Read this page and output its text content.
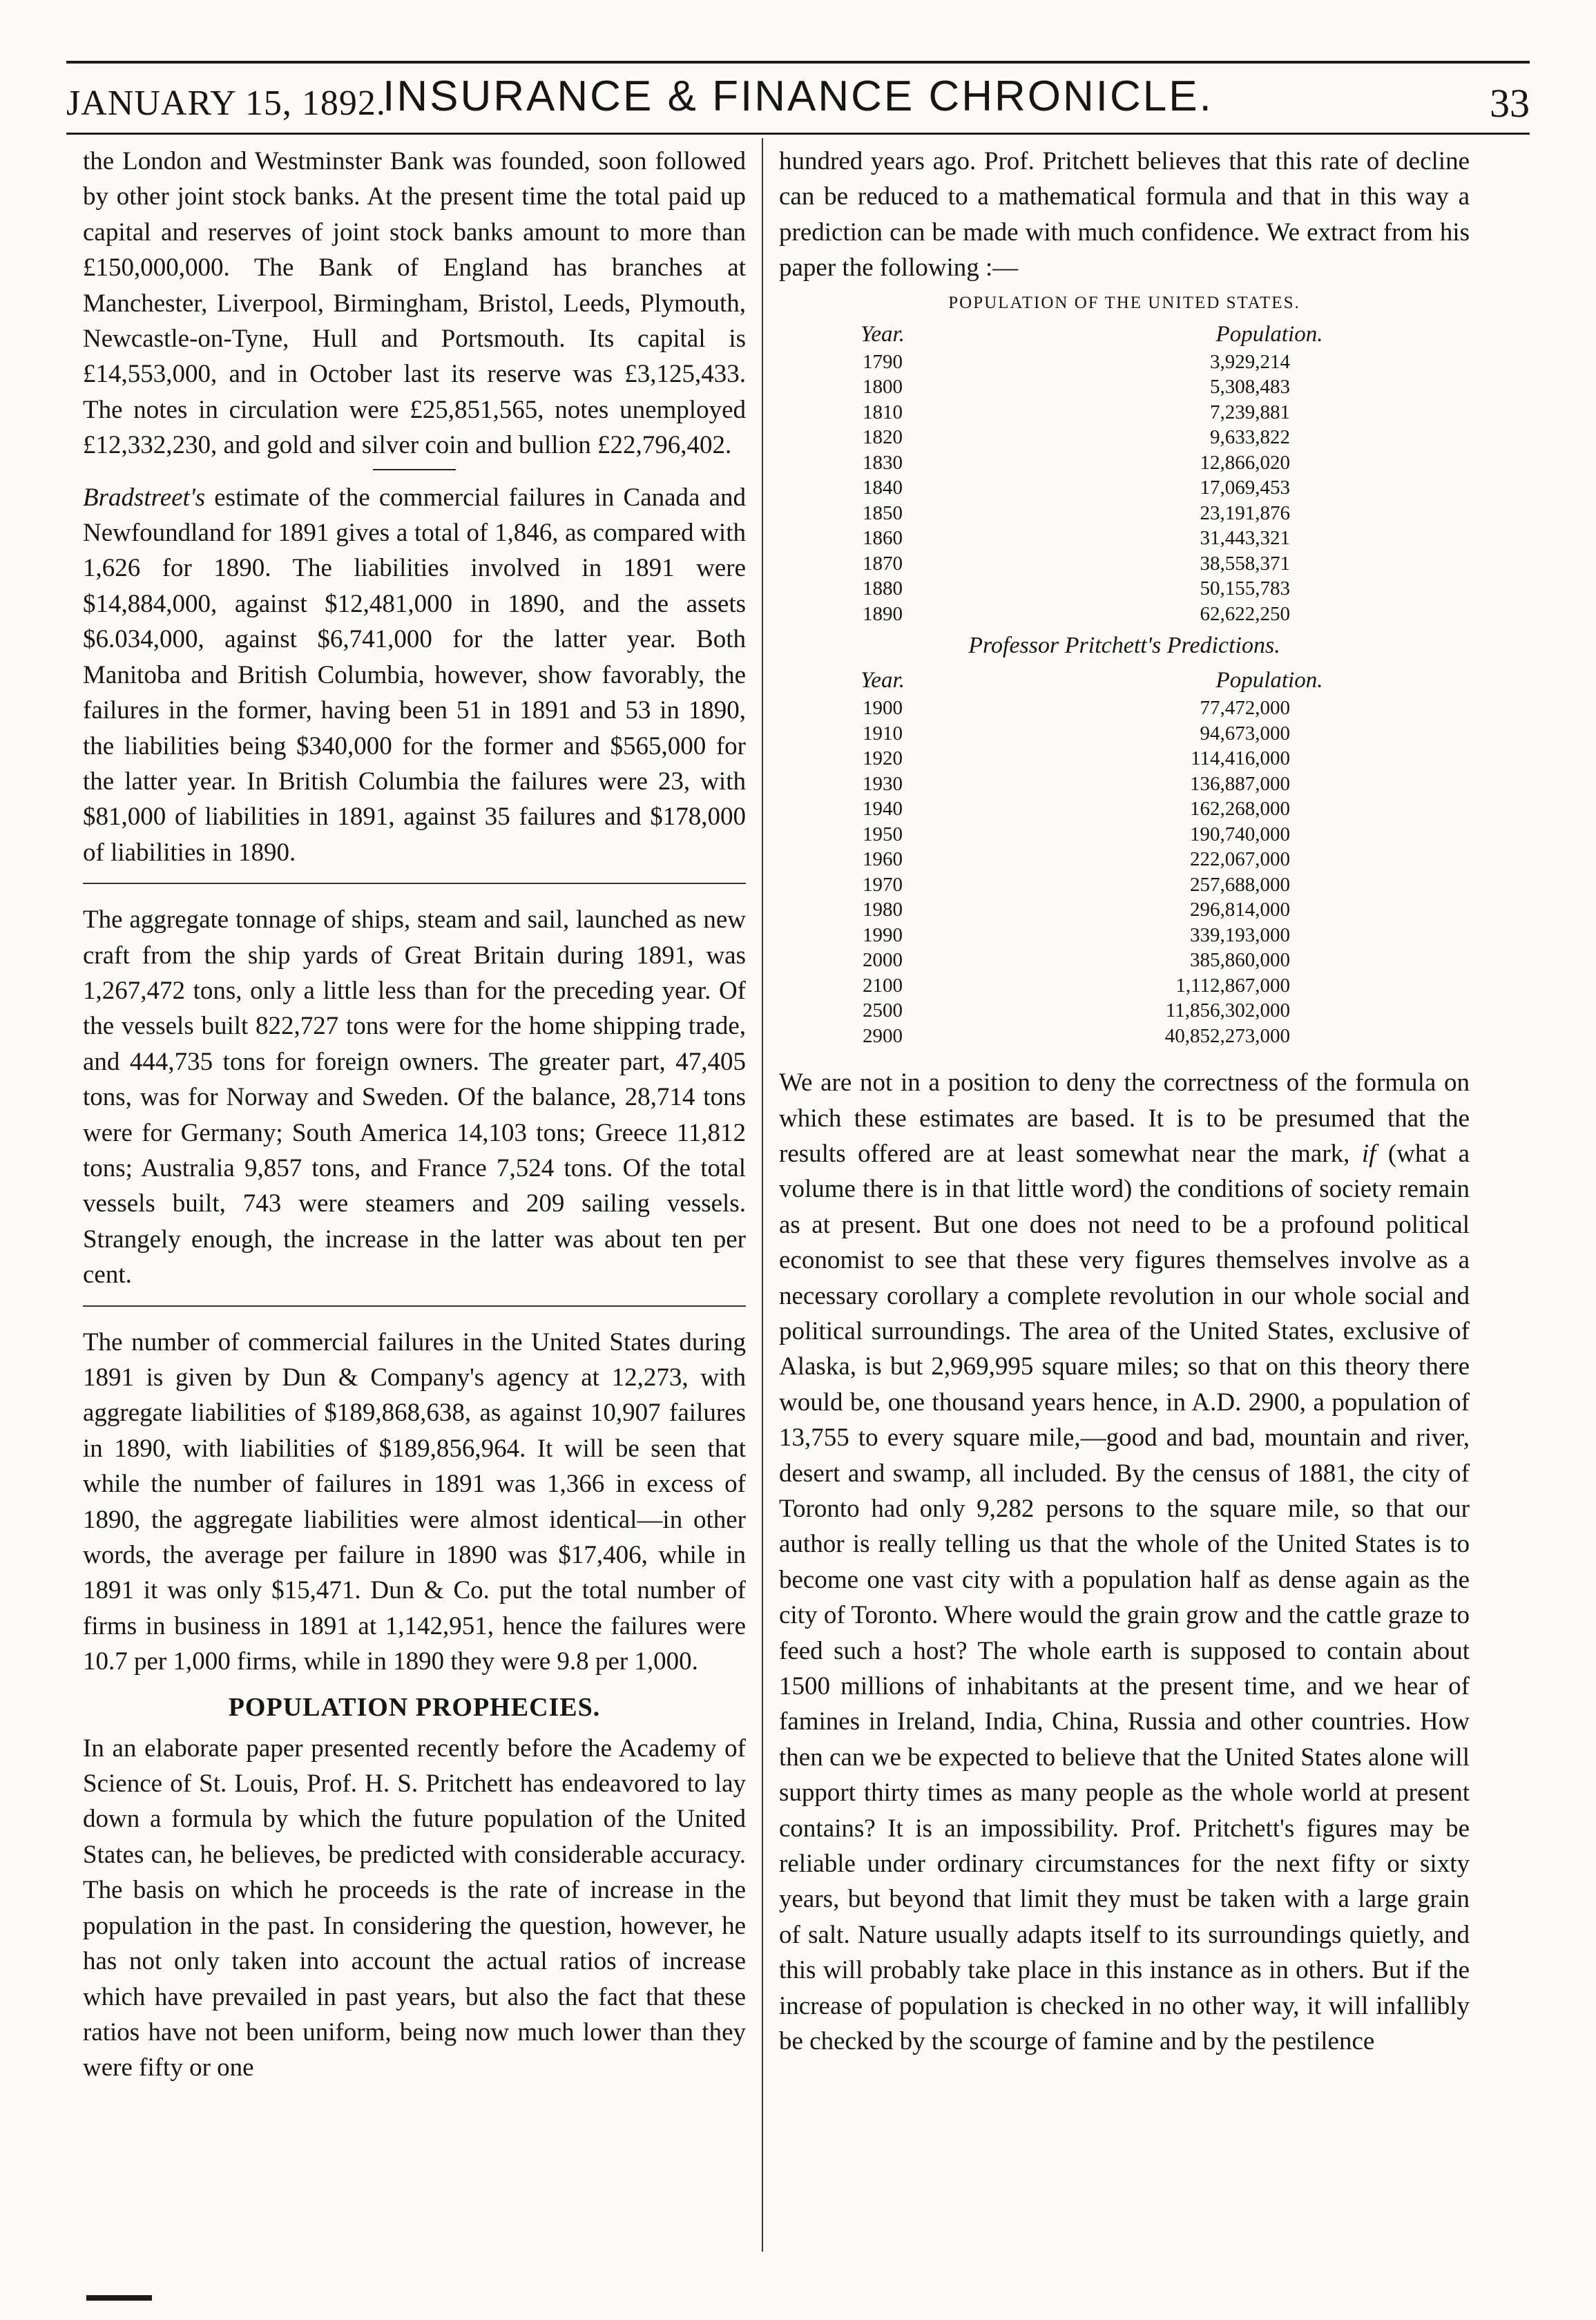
JANUARY 15, 1892.
INSURANCE & FINANCE CHRONICLE.	33

the London and Westminster Bank was founded, soon followed by other joint stock banks. At the present time the total paid up capital and reserves of joint stock banks amount to more than £150,000,000. The Bank of England has branches at Manchester, Liverpool, Birmingham, Bristol, Leeds, Plymouth, Newcastle-on-Tyne, Hull and Portsmouth. Its capital is £14,553,000, and in October last its reserve was £3,125,433. The notes in circulation were £25,851,565, notes unemployed £12,332,230, and gold and silver coin and bullion £22,796,402.

Bradstreet's estimate of the commercial failures in Canada and Newfoundland for 1891 gives a total of 1,846, as compared with 1,626 for 1890. The liabilities involved in 1891 were $14,884,000, against $12,481,000 in 1890, and the assets $6.034,000, against $6,741,000 for the latter year. Both Manitoba and British Columbia, however, show favorably, the failures in the former, having been 51 in 1891 and 53 in 1890, the liabilities being $340,000 for the former and $565,000 for the latter year. In British Columbia the failures were 23, with $81,000 of liabilities in 1891, against 35 failures and $178,000 of liabilities in 1890.

The aggregate tonnage of ships, steam and sail, launched as new craft from the ship yards of Great Britain during 1891, was 1,267,472 tons, only a little less than for the preceding year. Of the vessels built 822,727 tons were for the home shipping trade, and 444,735 tons for foreign owners. The greater part, 47,405 tons, was for Norway and Sweden. Of the balance, 28,714 tons were for Germany; South America 14,103 tons; Greece 11,812 tons; Australia 9,857 tons, and France 7,524 tons. Of the total vessels built, 743 were steamers and 209 sailing vessels. Strangely enough, the increase in the latter was about ten per cent.

The number of commercial failures in the United States during 1891 is given by Dun & Company's agency at 12,273, with aggregate liabilities of $189,868,638, as against 10,907 failures in 1890, with liabilities of $189,856,964. It will be seen that while the number of failures in 1891 was 1,366 in excess of 1890, the aggregate liabilities were almost identical—in other words, the average per failure in 1890 was $17,406, while in 1891 it was only $15,471. Dun & Co. put the total number of firms in business in 1891 at 1,142,951, hence the failures were 10.7 per 1,000 firms, while in 1890 they were 9.8 per 1,000.

POPULATION PROPHECIES.

In an elaborate paper presented recently before the Academy of Science of St. Louis, Prof. H. S. Pritchett has endeavored to lay down a formula by which the future population of the United States can, he believes, be predicted with considerable accuracy. The basis on which he proceeds is the rate of increase in the population in the past. In considering the question, however, he has not only taken into account the actual ratios of increase which have prevailed in past years, but also the fact that these ratios have not been uniform, being now much lower than they were fifty or one

hundred years ago. Prof. Pritchett believes that this rate of decline can be reduced to a mathematical formula and that in this way a prediction can be made with much confidence. We extract from his paper the following :—

POPULATION OF THE UNITED STATES.
Year.	Population.
1790	3,929,214
1800	5,308,483
1810	7,239,881
1820	9,633,822
1830	12,866,020
1840	17,069,453
1850	23,191,876
1860	31,443,321
1870	38,558,371
1880	50,155,783
1890	62,622,250
Professor Pritchett's Predictions.
Year.	Population.
1900	77,472,000
1910	94,673,000
1920	114,416,000
1930	136,887,000
1940	162,268,000
1950	190,740,000
1960	222,067,000
1970	257,688,000
1980	296,814,000
1990	339,193,000
2000	385,860,000
2100	1,112,867,000
2500	11,856,302,000
2900	40,852,273,000

We are not in a position to deny the correctness of the formula on which these estimates are based. It is to be presumed that the results offered are at least somewhat near the mark, if (what a volume there is in that little word) the conditions of society remain as at present. But one does not need to be a profound political economist to see that these very figures themselves involve as a necessary corollary a complete revolution in our whole social and political surroundings. The area of the United States, exclusive of Alaska, is but 2,969,995 square miles; so that on this theory there would be, one thousand years hence, in A.D. 2900, a population of 13,755 to every square mile,—good and bad, mountain and river, desert and swamp, all included. By the census of 1881, the city of Toronto had only 9,282 persons to the square mile, so that our author is really telling us that the whole of the United States is to become one vast city with a population half as dense again as the city of Toronto. Where would the grain grow and the cattle graze to feed such a host? The whole earth is supposed to contain about 1500 millions of inhabitants at the present time, and we hear of famines in Ireland, India, China, Russia and other countries. How then can we be expected to believe that the United States alone will support thirty times as many people as the whole world at present contains? It is an impossibility. Prof. Pritchett's figures may be reliable under ordinary circumstances for the next fifty or sixty years, but beyond that limit they must be taken with a large grain of salt. Nature usually adapts itself to its surroundings quietly, and this will probably take place in this instance as in others. But if the increase of population is checked in no other way, it will infallibly be checked by the scourge of famine and by the pestilence
